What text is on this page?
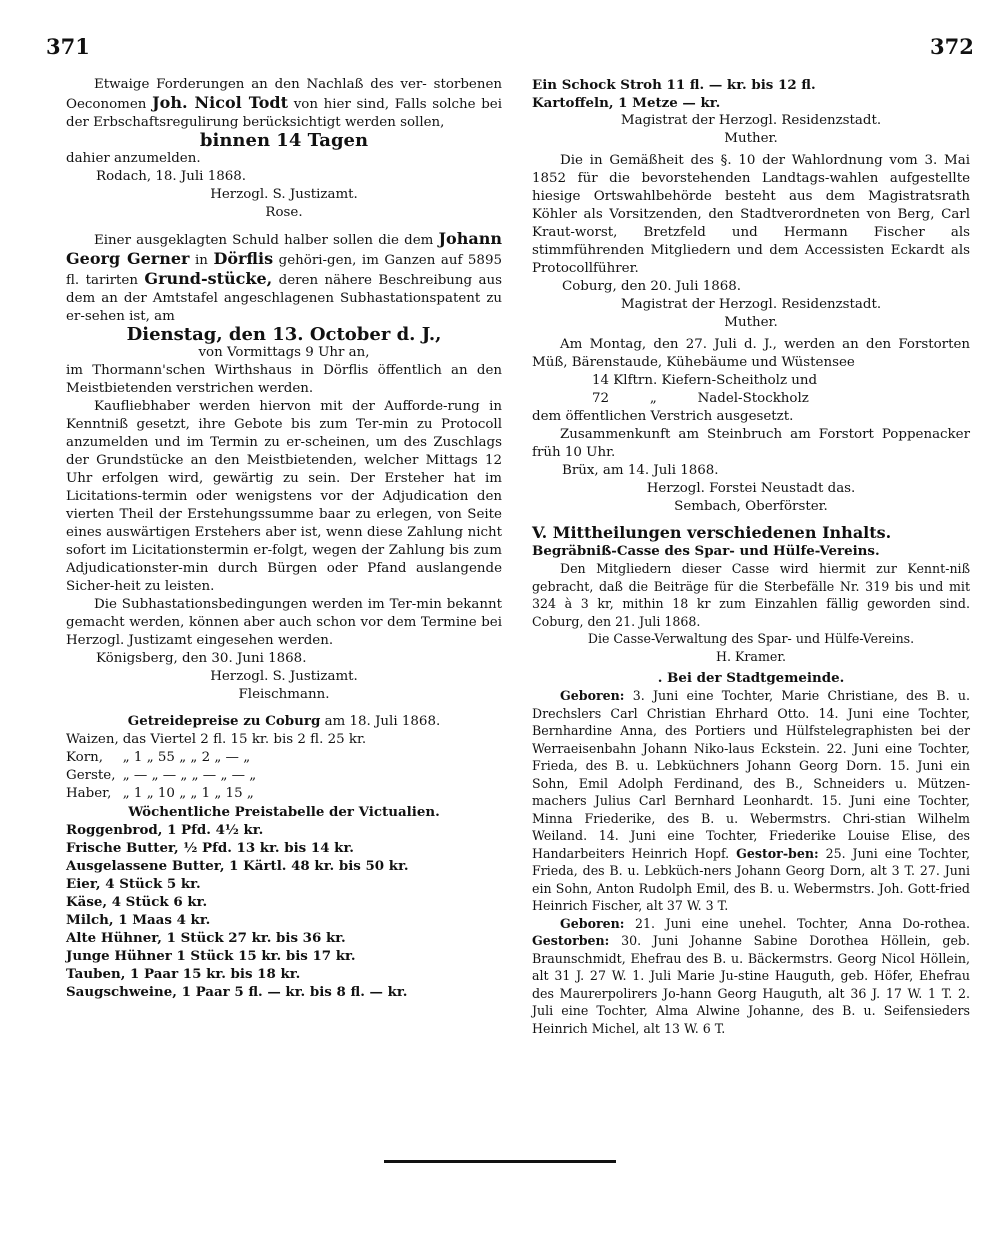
371	372

Etwaige Forderungen an den Nachlaß des ver- storbenen Oeconomen Joh. Nicol Todt von hier sind, Falls solche bei der Erbschaftsregulirung berücksichtigt werden sollen,

binnen 14 Tagen

dahier anzumelden.

Rodach, 18. Juli 1868.

Herzogl. S. Justizamt.

Rose.

Einer ausgeklagten Schuld halber sollen die dem Johann Georg Gerner in Dörflis gehöri-gen, im Ganzen auf 5895 fl. tarirten Grund-stücke, deren nähere Beschreibung aus dem an der Amtstafel angeschlagenen Subhastationspatent zu er-sehen ist, am

Dienstag, den 13. October d. J.,

von Vormittags 9 Uhr an,

im Thormann'schen Wirthshaus in Dörflis öffentlich an den Meistbietenden verstrichen werden.

Kaufliebhaber werden hiervon mit der Aufforde-rung in Kenntniß gesetzt, ihre Gebote bis zum Ter-min zu Protocoll anzumelden und im Termin zu er-scheinen, um des Zuschlags der Grundstücke an den Meistbietenden, welcher Mittags 12 Uhr erfolgen wird, gewärtig zu sein. Der Ersteher hat im Licitations-termin oder wenigstens vor der Adjudication den vierten Theil der Erstehungssumme baar zu erlegen, von Seite eines auswärtigen Erstehers aber ist, wenn diese Zahlung nicht sofort im Licitationstermin er-folgt, wegen der Zahlung bis zum Adjudicationster-min durch Bürgen oder Pfand auslangende Sicher-heit zu leisten.

Die Subhastationsbedingungen werden im Ter-min bekannt gemacht werden, können aber auch schon vor dem Termine bei Herzogl. Justizamt eingesehen werden.

Königsberg, den 30. Juni 1868.

Herzogl. S. Justizamt.

Fleischmann.

Getreidepreise zu Coburg am 18. Juli 1868.

Waizen,	das Viertel 2 fl. 15 kr. bis 2 fl. 25 kr.
Korn,	„ 1 „ 55 „ „ 2 „ — „
Gerste,	„ — „ — „ „ — „ — „
Haber,	„ 1 „ 10 „ „ 1 „ 15 „

Wöchentliche Preistabelle der Victualien.

Roggenbrod, 1 Pfd. 4½ kr.
Frische Butter, ½ Pfd. 13 kr. bis 14 kr.
Ausgelassene Butter, 1 Kärtl. 48 kr. bis 50 kr.
Eier, 4 Stück 5 kr.
Käse, 4 Stück 6 kr.
Milch, 1 Maas 4 kr.
Alte Hühner, 1 Stück 27 kr. bis 36 kr.
Junge Hühner 1 Stück 15 kr. bis 17 kr.
Tauben, 1 Paar 15 kr. bis 18 kr.
Saugschweine, 1 Paar 5 fl. — kr. bis 8 fl. — kr.

Ein Schock Stroh 11 fl. — kr. bis 12 fl.

Kartoffeln, 1 Metze — kr.

Magistrat der Herzogl. Residenzstadt.

Muther.

Die in Gemäßheit des §. 10 der Wahlordnung vom 3. Mai 1852 für die bevorstehenden Landtags-wahlen aufgestellte hiesige Ortswahlbehörde besteht aus dem Magistratsrath Köhler als Vorsitzenden, den Stadtverordneten von Berg, Carl Kraut-worst, Bretzfeld und Hermann Fischer als stimmführenden Mitgliedern und dem Accessisten Eckardt als Protocollführer.

Coburg, den 20. Juli 1868.

Magistrat der Herzogl. Residenzstadt.

Muther.

Am Montag, den 27. Juli d. J., werden an den Forstorten Müß, Bärenstaude, Kühebäume und Wüstensee

14 Klftrn. Kiefern-Scheitholz und

72	„	Nadel-Stockholz

dem öffentlichen Verstrich ausgesetzt.

Zusammenkunft am Steinbruch am Forstort Poppenacker früh 10 Uhr.

Brüx, am 14. Juli 1868.

Herzogl. Forstei Neustadt das.

Sembach, Oberförster.

V. Mittheilungen verschiedenen Inhalts.

Begräbniß-Casse des Spar- und Hülfe-Vereins.

Den Mitgliedern dieser Casse wird hiermit zur Kennt-niß gebracht, daß die Beiträge für die Sterbefälle Nr. 319 bis und mit 324 à 3 kr, mithin 18 kr zum Einzahlen fällig geworden sind. Coburg, den 21. Juli 1868.

Die Casse-Verwaltung des Spar- und Hülfe-Vereins.

H. Kramer.

. Bei der Stadtgemeinde.

Geboren: 3. Juni eine Tochter, Marie Christiane, des B. u. Drechslers Carl Christian Ehrhard Otto. 14. Juni eine Tochter, Bernhardine Anna, des Portiers und Hülfstelegraphisten bei der Werraeisenbahn Johann Niko-laus Eckstein. 22. Juni eine Tochter, Frieda, des B. u. Lebküchners Johann Georg Dorn. 15. Juni ein Sohn, Emil Adolph Ferdinand, des B., Schneiders u. Mützen-machers Julius Carl Bernhard Leonhardt. 15. Juni eine Tochter, Minna Friederike, des B. u. Webermstrs. Chri-stian Wilhelm Weiland. 14. Juni eine Tochter, Friederike Louise Elise, des Handarbeiters Heinrich Hopf. Gestor-ben: 25. Juni eine Tochter, Frieda, des B. u. Lebküch-ners Johann Georg Dorn, alt 3 T. 27. Juni ein Sohn, Anton Rudolph Emil, des B. u. Webermstrs. Joh. Gott-fried Heinrich Fischer, alt 37 W. 3 T.

Geboren: 21. Juni eine unehel. Tochter, Anna Do-rothea. Gestorben: 30. Juni Johanne Sabine Dorothea Höllein, geb. Braunschmidt, Ehefrau des B. u. Bäckermstrs. Georg Nicol Höllein, alt 31 J. 27 W. 1. Juli Marie Ju-stine Hauguth, geb. Höfer, Ehefrau des Maurerpolirers Jo-hann Georg Hauguth, alt 36 J. 17 W. 1 T. 2. Juli eine Tochter, Alma Alwine Johanne, des B. u. Seifensieders Heinrich Michel, alt 13 W. 6 T.
